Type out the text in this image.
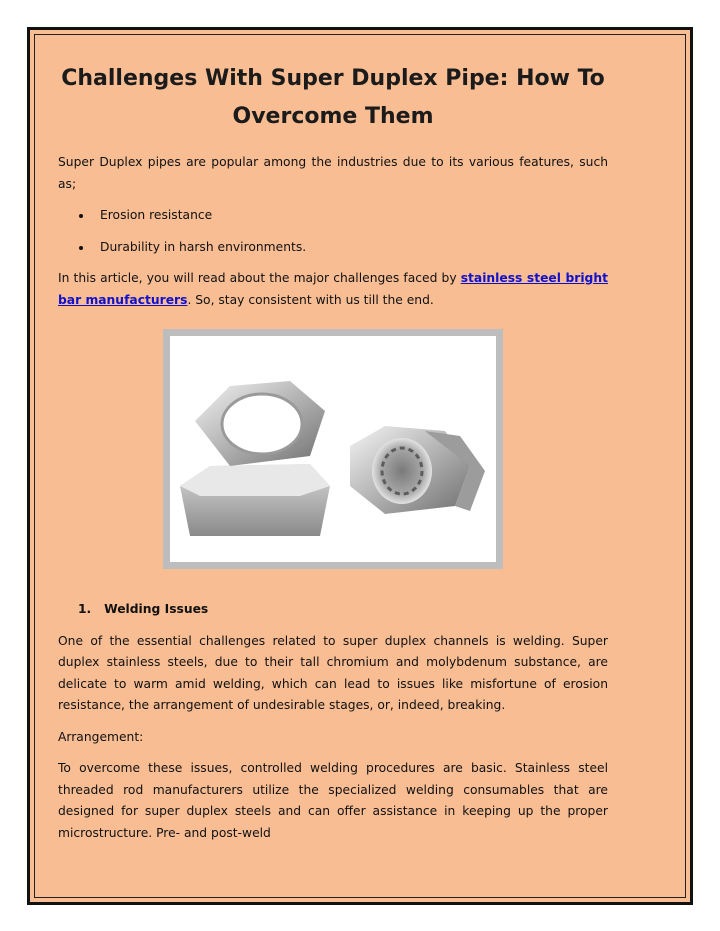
Challenges With Super Duplex Pipe: How To Overcome Them

Super Duplex pipes are popular among the industries due to its various features, such as;

Erosion resistance
Durability in harsh environments.

In this article, you will read about the major challenges faced by stainless steel bright bar manufacturers. So, stay consistent with us till the end.

1. Welding Issues

One of the essential challenges related to super duplex channels is welding. Super duplex stainless steels, due to their tall chromium and molybdenum substance, are delicate to warm amid welding, which can lead to issues like misfortune of erosion resistance, the arrangement of undesirable stages, or, indeed, breaking.

Arrangement:

To overcome these issues, controlled welding procedures are basic. Stainless steel threaded rod manufacturers utilize the specialized welding consumables that are designed for super duplex steels and can offer assistance in keeping up the proper microstructure. Pre- and post-weld
